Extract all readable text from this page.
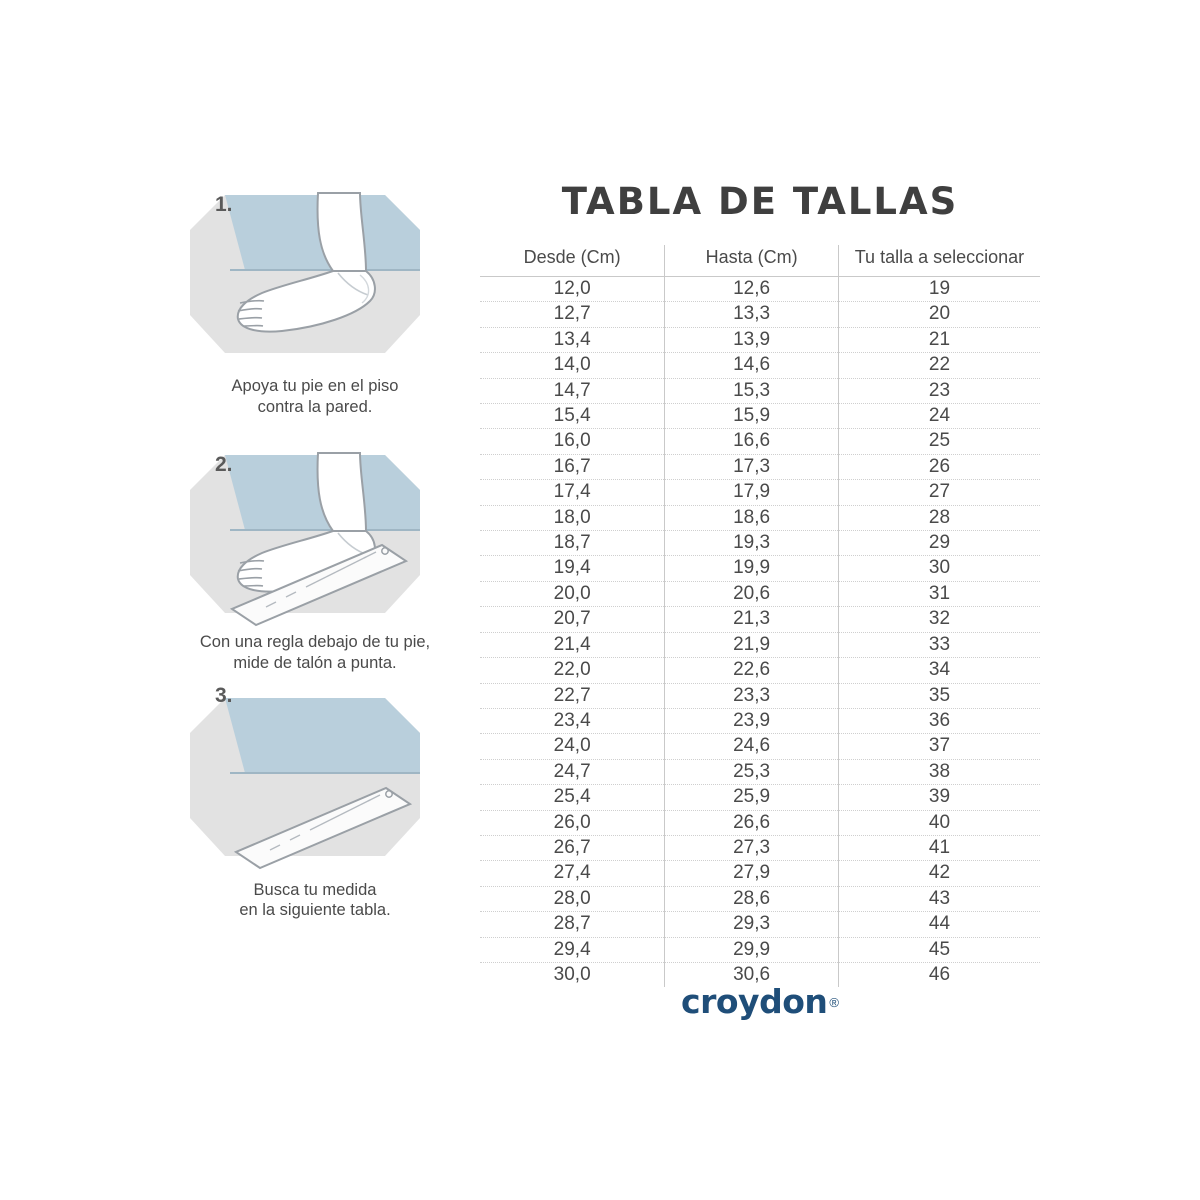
1.
Apoya tu pie en el piso
contra la pared.
2.
Con una regla debajo de tu pie,
mide de talón a punta.
3.
Busca tu medida
en la siguiente tabla.
TABLA DE TALLAS
Desde (Cm)	Hasta (Cm)	Tu talla a seleccionar
12,0	12,6	19
12,7	13,3	20
13,4	13,9	21
14,0	14,6	22
14,7	15,3	23
15,4	15,9	24
16,0	16,6	25
16,7	17,3	26
17,4	17,9	27
18,0	18,6	28
18,7	19,3	29
19,4	19,9	30
20,0	20,6	31
20,7	21,3	32
21,4	21,9	33
22,0	22,6	34
22,7	23,3	35
23,4	23,9	36
24,0	24,6	37
24,7	25,3	38
25,4	25,9	39
26,0	26,6	40
26,7	27,3	41
27,4	27,9	42
28,0	28,6	43
28,7	29,3	44
29,4	29,9	45
30,0	30,6	46
croydon ®
